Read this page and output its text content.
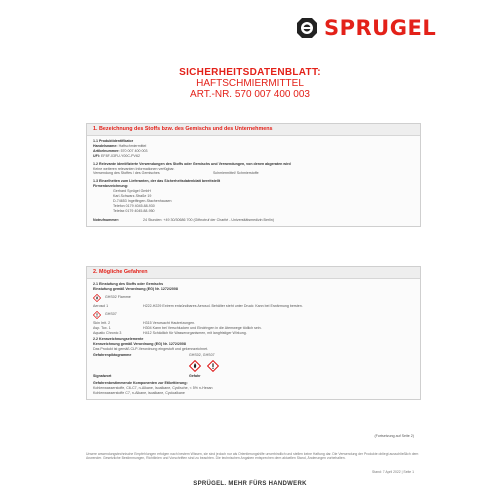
SPRUGEL
SICHERHEITSDATENBLATT:
HAFTSCHMIERMITTEL
ART.-NR. 570 007 400 003
1. Bezeichnung des Stoffs bzw. des Gemischs und des Unternehmens
1.1 Produktidentifikator
Handelsname: Haftschmiermittel
Artikelnummer: 570 007 400 003
UFI: EF8F-03FU-Y00C-PV62
1.2 Relevante identifizierte Verwendungen des Stoffs oder Gemischs und Verwendungen, von denen abgeraten wird
Keine weiteren relevanten Informationen verfügbar.
Verwendung des Stoffes / des Gemisches	Schmiermittel/ Schmierstoffe
1.3 Einzelheiten zum Lieferanten, der das Sicherheitsdatenblatt bereitstellt
Firmenbezeichnung:
Gerhard Sprügel GmbH
Karl-Schwarz-Straße 19
D-74653 Ingelfingen-Stachenhausen
Telefon 0179 4045.88-930
Telefax 0179 4045.88-950
Notrufnummer:	24 Stunden: +49 30/30686 700 (Giftnotruf der Charité - Universitätsmedizin Berlin)
2. Mögliche Gefahren
2.1 Einstufung des Stoffs oder Gemischs
Einstufung gemäß Verordnung (EG) Nr. 1272/2008
GHS02 Flamme
Aerosol 1	H222-H229 Extrem entzündbares Aerosol. Behälter steht unter Druck: Kann bei Erwärmung bersten.
GHS07
Skin Irrit. 2	H315 Verursacht Hautreizungen.
Asp. Tox. 1	H304 Kann bei Verschlucken und Eindringen in die Atemwege tödlich sein.
Aquatic Chronic 3	H412 Schädlich für Wasserorganismen, mit langfristiger Wirkung.
2.2 Kennzeichnungselemente
Kennzeichnung gemäß Verordnung (EG) Nr. 1272/2008
Das Produkt ist gemäß CLP-Verordnung eingestuft und gekennzeichnet.
Gefahrenpiktogramme	GHS02, GHS07
Signalwort	Gefahr
Gefahrenbestimmende Komponenten zur Etikettierung:
Kohlenwasserstoffe, C6-C7, n-Alkane, Isoalkane, Cyclische, < 5% n-Hexan
Kohlenwasserstoffe C7, n-Alkane, isoalkane, Cycloalkane
(Fortsetzung auf Seite 2)
Unsere anwendungstechnische Empfehlungen erfolgen nach bestem Wissen, sie sind jedoch nur als Orientierungshilfe unverbindlich und stellen keine Haftung dar. Die Verwendung der Produkte obliegt ausschließlich dem Anwender. Gesetzliche Bestimmungen, Richtlinien und Vorschriften sind zu beachten. Die technischen Angaben entsprechen dem aktuellen Stand, Änderungen vorbehalten.
Stand: 7 April 2022 | Seite 1
SPRÜGEL. MEHR FÜRS HANDWERK
